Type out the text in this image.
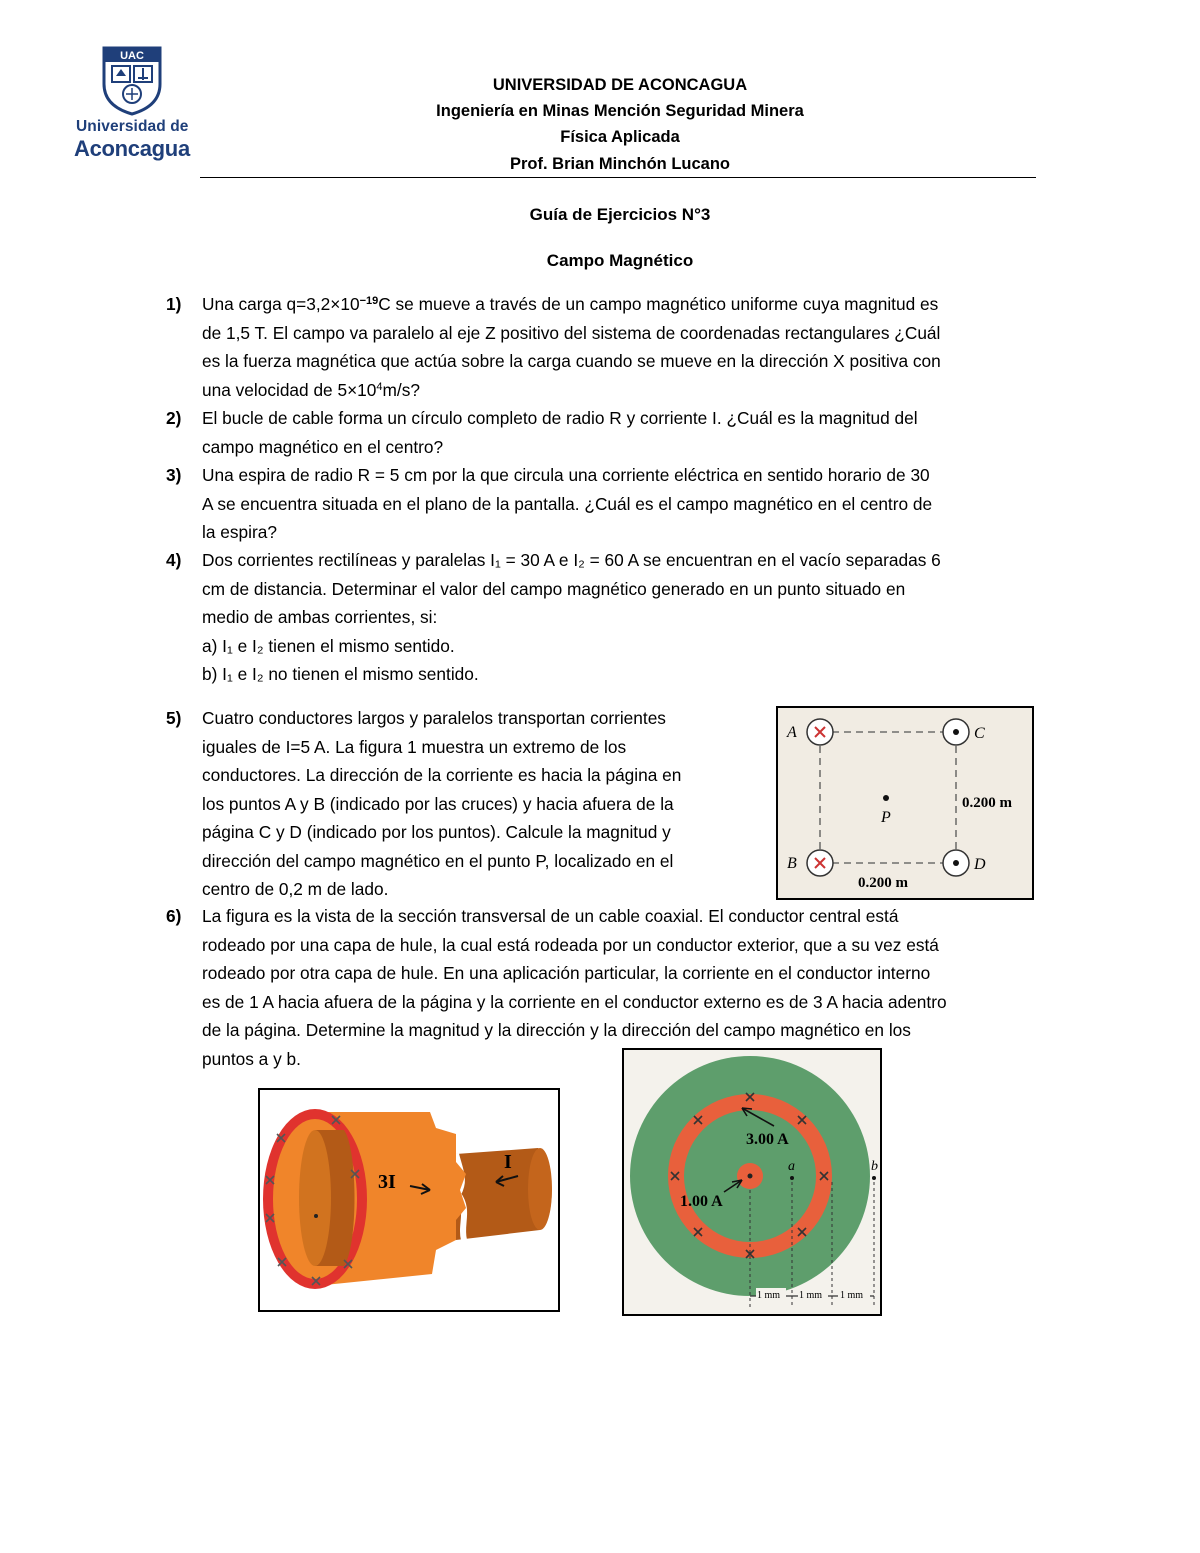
UAC
Universidad de
Aconcagua
UNIVERSIDAD DE ACONCAGUA
Ingeniería en Minas Mención Seguridad Minera
Física Aplicada
Prof. Brian Minchón Lucano
Guía de Ejercicios N°3
Campo Magnético
1)	Una carga $q=3,2\times 10^{-19}C$ se mueve a través de un campo magnético uniforme cuya magnitud es

de 1,5 T. El campo va paralelo al eje Z positivo del sistema de coordenadas rectangulares ¿Cuál

es la fuerza magnética que actúa sobre la carga cuando se mueve en la dirección X positiva con

una velocidad de $5\times 10^4m/s$?

2)	El bucle de cable forma un círculo completo de radio R y corriente I. ¿Cuál es la magnitud del

campo magnético en el centro?

3)	Una espira de radio R = 5 cm por la que circula una corriente eléctrica en sentido horario de 30

A se encuentra situada en el plano de la pantalla. ¿Cuál es el campo magnético en el centro de

la espira?

4)	Dos corrientes rectilíneas y paralelas I₁ = 30 A e I₂ = 60 A se encuentran en el vacío separadas 6

cm de distancia. Determinar el valor del campo magnético generado en un punto situado en

medio de ambas corrientes, si:

a) I₁ e I₂ tienen el mismo sentido.

b) I₁ e I₂ no tienen el mismo sentido.

5)	Cuatro conductores largos y paralelos transportan corrientes

iguales de I=5 A. La figura 1 muestra un extremo de los

conductores. La dirección de la corriente es hacia la página en

los puntos A y B (indicado por las cruces) y hacia afuera de la

página C y D (indicado por los puntos). Calcule la magnitud y

dirección del campo magnético en el punto P, localizado en el

centro de 0,2 m de lado.

A
B
C
D
P
0.200 m
0.200 m
6)	La figura es la vista de la sección transversal de un cable coaxial. El conductor central está

rodeado por una capa de hule, la cual está rodeada por un conductor exterior, que a su vez está

rodeado por otra capa de hule. En una aplicación particular, la corriente en el conductor interno

es de 1 A hacia afuera de la página y la corriente en el conductor externo es de 3 A hacia adentro

de la página. Determine la magnitud y la dirección y la dirección del campo magnético en los

puntos a y b.

3I
I
3.00 A
1.00 A
a	b
1 mm 1 mm 1 mm
